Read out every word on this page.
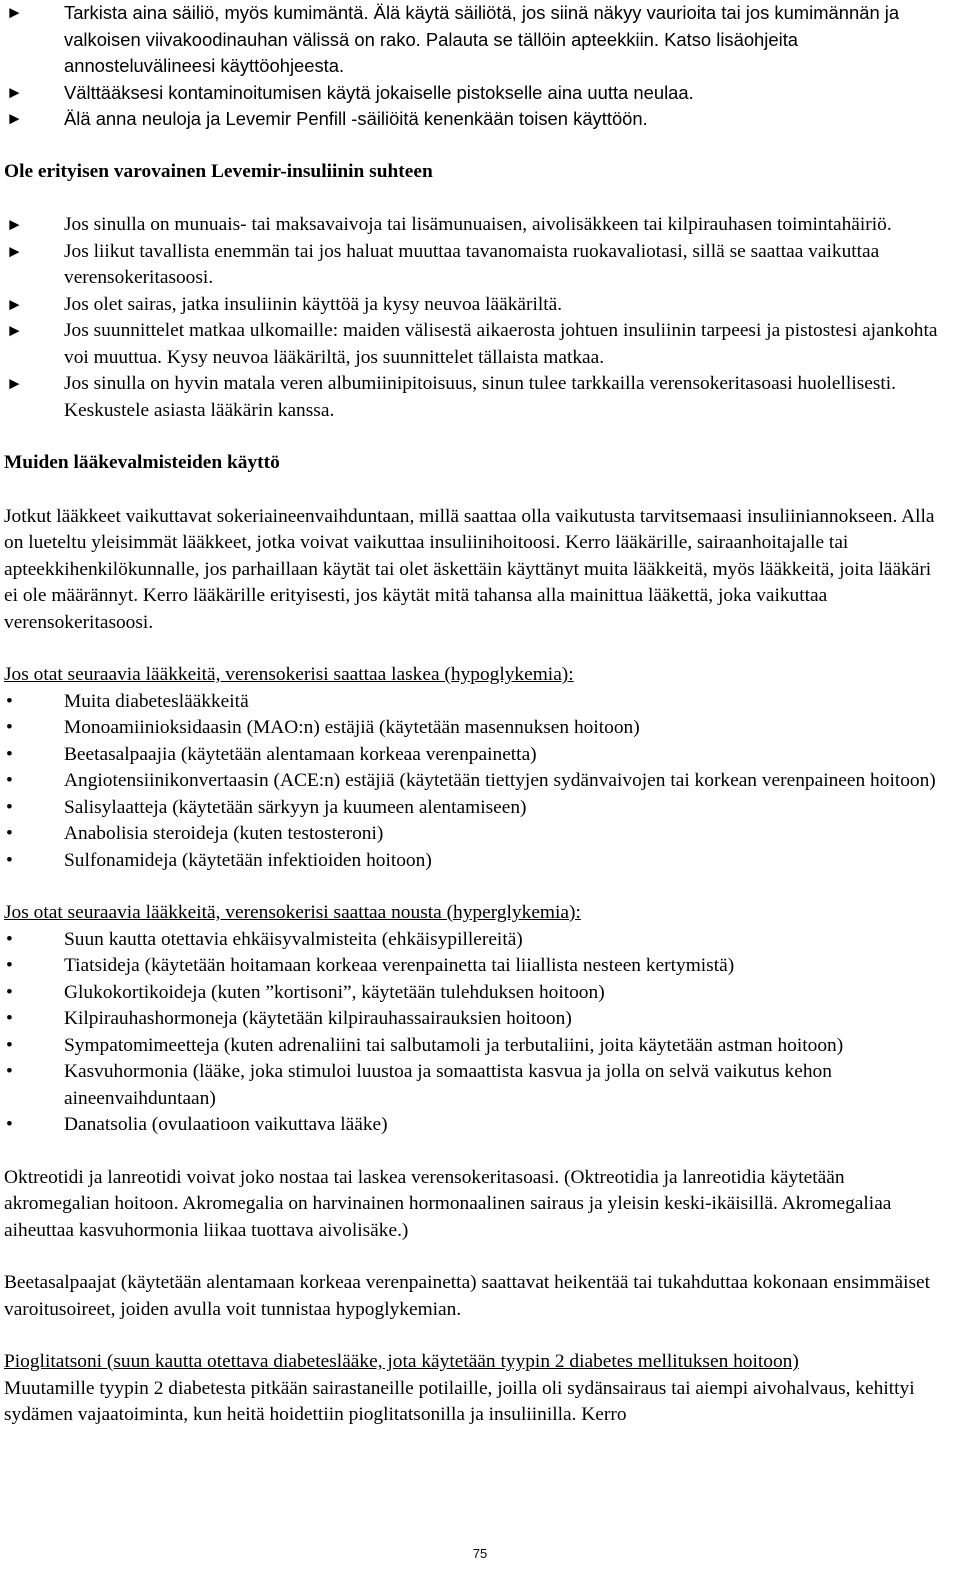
► Tarkista aina säiliö, myös kumimäntä. Älä käytä säiliötä, jos siinä näkyy vaurioita tai jos kumimännän ja valkoisen viivakoodinauhan välissä on rako. Palauta se tällöin apteekkiin. Katso lisäohjeita annosteluvälineesi käyttöohjeesta.
► Välttääksesi kontaminoitumisen käytä jokaiselle pistokselle aina uutta neulaa.
► Älä anna neuloja ja Levemir Penfill -säiliöitä kenenkään toisen käyttöön.
Ole erityisen varovainen Levemir-insuliinin suhteen
► Jos sinulla on munuais- tai maksavaivoja tai lisämunuaisen, aivolisäkkeen tai kilpirauhasen toimintahäiriö.
► Jos liikut tavallista enemmän tai jos haluat muuttaa tavanomaista ruokavaliotasi, sillä se saattaa vaikuttaa verensokeritasoosi.
► Jos olet sairas, jatka insuliinin käyttöä ja kysy neuvoa lääkäriltä.
► Jos suunnittelet matkaa ulkomaille: maiden välisestä aikaerosta johtuen insuliinin tarpeesi ja pistostesi ajankohta voi muuttua. Kysy neuvoa lääkäriltä, jos suunnittelet tällaista matkaa.
► Jos sinulla on hyvin matala veren albumiinipitoisuus, sinun tulee tarkkailla verensokeritasoasi huolellisesti. Keskustele asiasta lääkärin kanssa.
Muiden lääkevalmisteiden käyttö

Jotkut lääkkeet vaikuttavat sokeriaineenvaihduntaan, millä saattaa olla vaikutusta tarvitsemaasi insuliiniannokseen. Alla on lueteltu yleisimmät lääkkeet, jotka voivat vaikuttaa insuliinihoitoosi. Kerro lääkärille, sairaanhoitajalle tai apteekkihenkilökunnalle, jos parhaillaan käytät tai olet äskettäin käyttänyt muita lääkkeitä, myös lääkkeitä, joita lääkäri ei ole määrännyt. Kerro lääkärille erityisesti, jos käytät mitä tahansa alla mainittua lääkettä, joka vaikuttaa verensokeritasoosi.

Jos otat seuraavia lääkkeitä, verensokerisi saattaa laskea (hypoglykemia):

•	Muita diabeteslääkkeitä
•	Monoamiinioksidaasin (MAO:n) estäjiä (käytetään masennuksen hoitoon)
•	Beetasalpaajia (käytetään alentamaan korkeaa verenpainetta)
•	Angiotensiinikonvertaasin (ACE:n) estäjiä (käytetään tiettyjen sydänvaivojen tai korkean verenpaineen hoitoon)
•	Salisylaatteja (käytetään särkyyn ja kuumeen alentamiseen)
•	Anabolisia steroideja (kuten testosteroni)
•	Sulfonamideja (käytetään infektioiden hoitoon)

Jos otat seuraavia lääkkeitä, verensokerisi saattaa nousta (hyperglykemia):

•	Suun kautta otettavia ehkäisyvalmisteita (ehkäisypillereitä)
•	Tiatsideja (käytetään hoitamaan korkeaa verenpainetta tai liiallista nesteen kertymistä)
•	Glukokortikoideja (kuten ”kortisoni”, käytetään tulehduksen hoitoon)
•	Kilpirauhashormoneja (käytetään kilpirauhassairauksien hoitoon)
•	Sympatomimeetteja (kuten adrenaliini tai salbutamoli ja terbutaliini, joita käytetään astman hoitoon)
•	Kasvuhormonia (lääke, joka stimuloi luustoa ja somaattista kasvua ja jolla on selvä vaikutus kehon aineenvaihduntaan)
•	Danatsolia (ovulaatioon vaikuttava lääke)

Oktreotidi ja lanreotidi voivat joko nostaa tai laskea verensokeritasoasi. (Oktreotidia ja lanreotidia käytetään akromegalian hoitoon. Akromegalia on harvinainen hormonaalinen sairaus ja yleisin keski-ikäisillä. Akromegaliaa aiheuttaa kasvuhormonia liikaa tuottava aivolisäke.)

Beetasalpaajat (käytetään alentamaan korkeaa verenpainetta) saattavat heikentää tai tukahduttaa kokonaan ensimmäiset varoitusoireet, joiden avulla voit tunnistaa hypoglykemian.

Pioglitatsoni (suun kautta otettava diabeteslääke, jota käytetään tyypin 2 diabetes mellituksen hoitoon)

Muutamille tyypin 2 diabetesta pitkään sairastaneille potilaille, joilla oli sydänsairaus tai aiempi aivohalvaus, kehittyi sydämen vajaatoiminta, kun heitä hoidettiin pioglitatsonilla ja insuliinilla. Kerro

75
